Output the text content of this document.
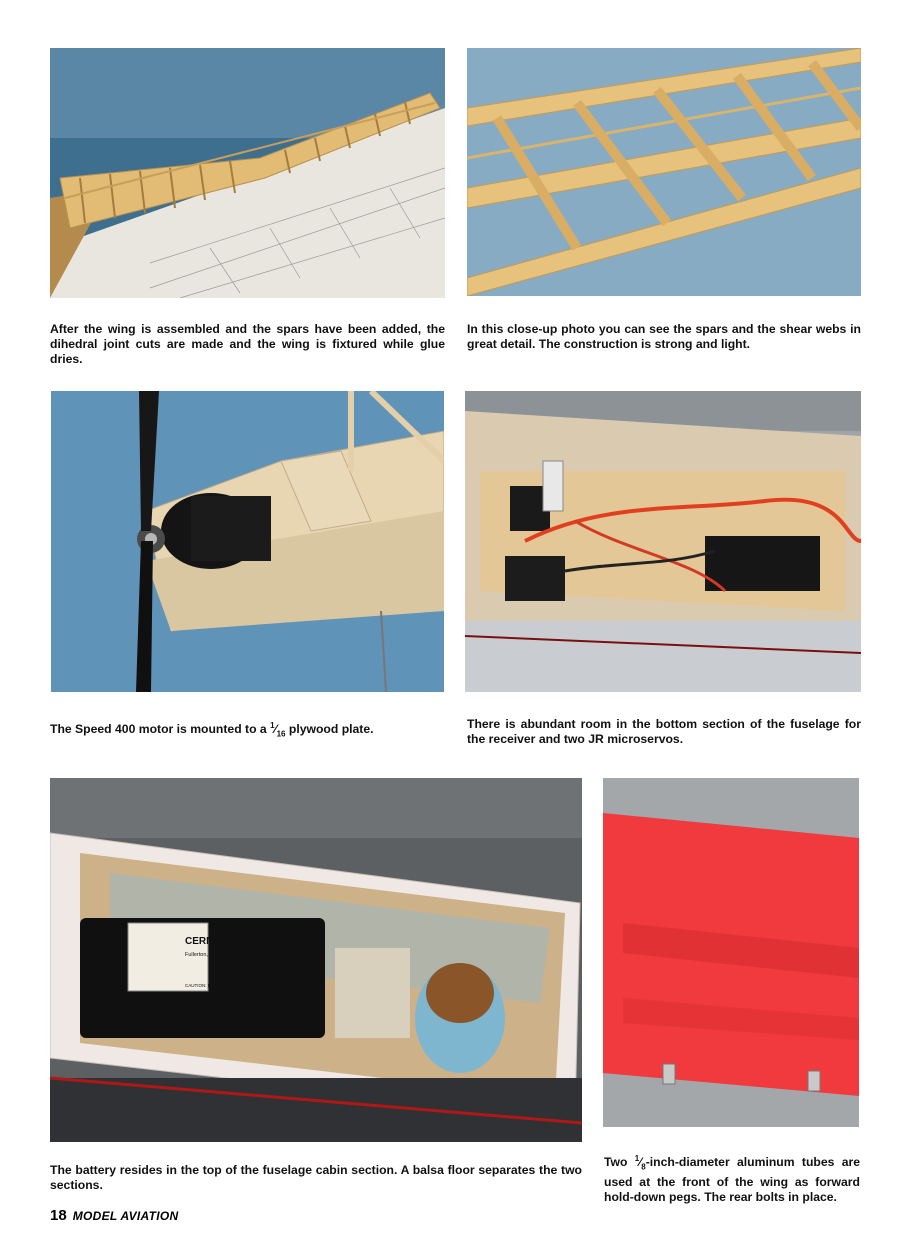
After the wing is assembled and the spars have been added, the dihedral joint cuts are made and the wing is fixtured while glue dries.
In this close-up photo you can see the spars and the shear webs in great detail. The construction is strong and light.
The Speed 400 motor is mounted to a $^1⁄_{16}$ plywood plate.	There is abundant room in the bottom section of the fuselage for the receiver and two JR microservos.
CERMARK
Fullerton, CA USA
CAUTION: For Safety See Instructions
The battery resides in the top of the fuselage cabin section. A balsa floor separates the two sections.
Two $^1⁄_8-inch$-diameter aluminum tubes are used at the front of the wing as forward hold-down pegs. The rear bolts in place.
18 MODEL AVIATION
